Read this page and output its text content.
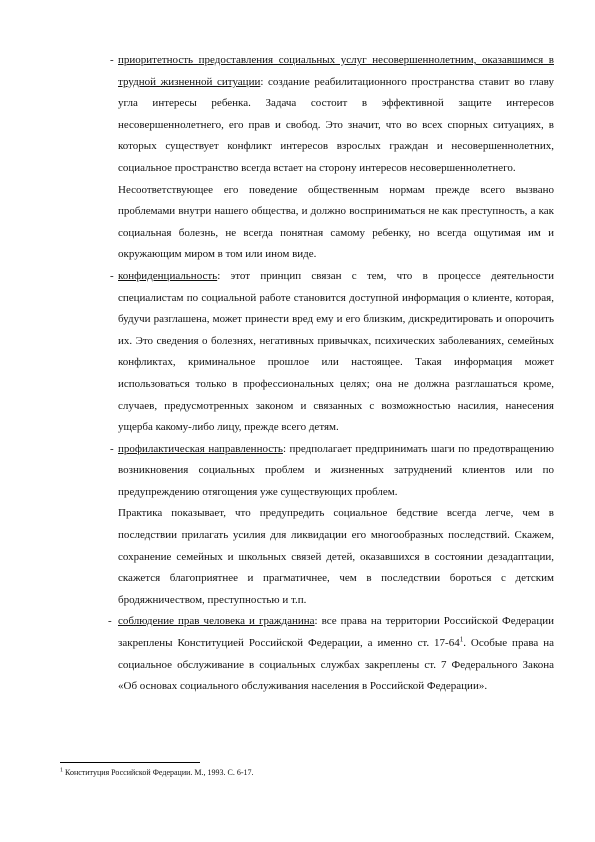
- приоритетность предоставления социальных услуг несовершеннолетним, оказавшимся в трудной жизненной ситуации: создание реабилитационного пространства ставит во главу угла интересы ребенка. Задача состоит в эффективной защите интересов несовершеннолетнего, его прав и свобод. Это значит, что во всех спорных ситуациях, в которых существует конфликт интересов взрослых граждан и несовершеннолетних, социальное пространство всегда встает на сторону интересов несовершеннолетнего.

Несоответствующее его поведение общественным нормам прежде всего вызвано проблемами внутри нашего общества, и должно восприниматься не как преступность, а как социальная болезнь, не всегда понятная самому ребенку, но всегда ощутимая им и окружающим миром в том или ином виде.

- конфиденциальность: этот принцип связан с тем, что в процессе деятельности специалистам по социальной работе становится доступной информация о клиенте, которая, будучи разглашена, может принести вред ему и его близким, дискредитировать и опорочить их. Это сведения о болезнях, негативных привычках, психических заболеваниях, семейных конфликтах, криминальное прошлое или настоящее. Такая информация может использоваться только в профессиональных целях; она не должна разглашаться кроме, случаев, предусмотренных законом и связанных с возможностью насилия, нанесения ущерба какому-либо лицу, прежде всего детям.

- профилактическая направленность: предполагает предпринимать шаги по предотвращению возникновения социальных проблем и жизненных затруднений клиентов или по предупреждению отягощения уже существующих проблем.

Практика показывает, что предупредить социальное бедствие всегда легче, чем в последствии прилагать усилия для ликвидации его многообразных последствий. Скажем, сохранение семейных и школьных связей детей, оказавшихся в состоянии дезадаптации, скажется благоприятнее и прагматичнее, чем в последствии бороться с детским бродяжничеством, преступностью и т.п.

- соблюдение прав человека и гражданина: все права на территории Российской Федерации закреплены Конституцией Российской Федерации, а именно ст. $17-64^1$. Особые права на социальное обслуживание в социальных службах закреплены ст. 7 Федерального Закона «Об основах социального обслуживания населения в Российской Федерации».

$^1$ Конституция Российской Федерации. М., 1993. С. 6-17.
